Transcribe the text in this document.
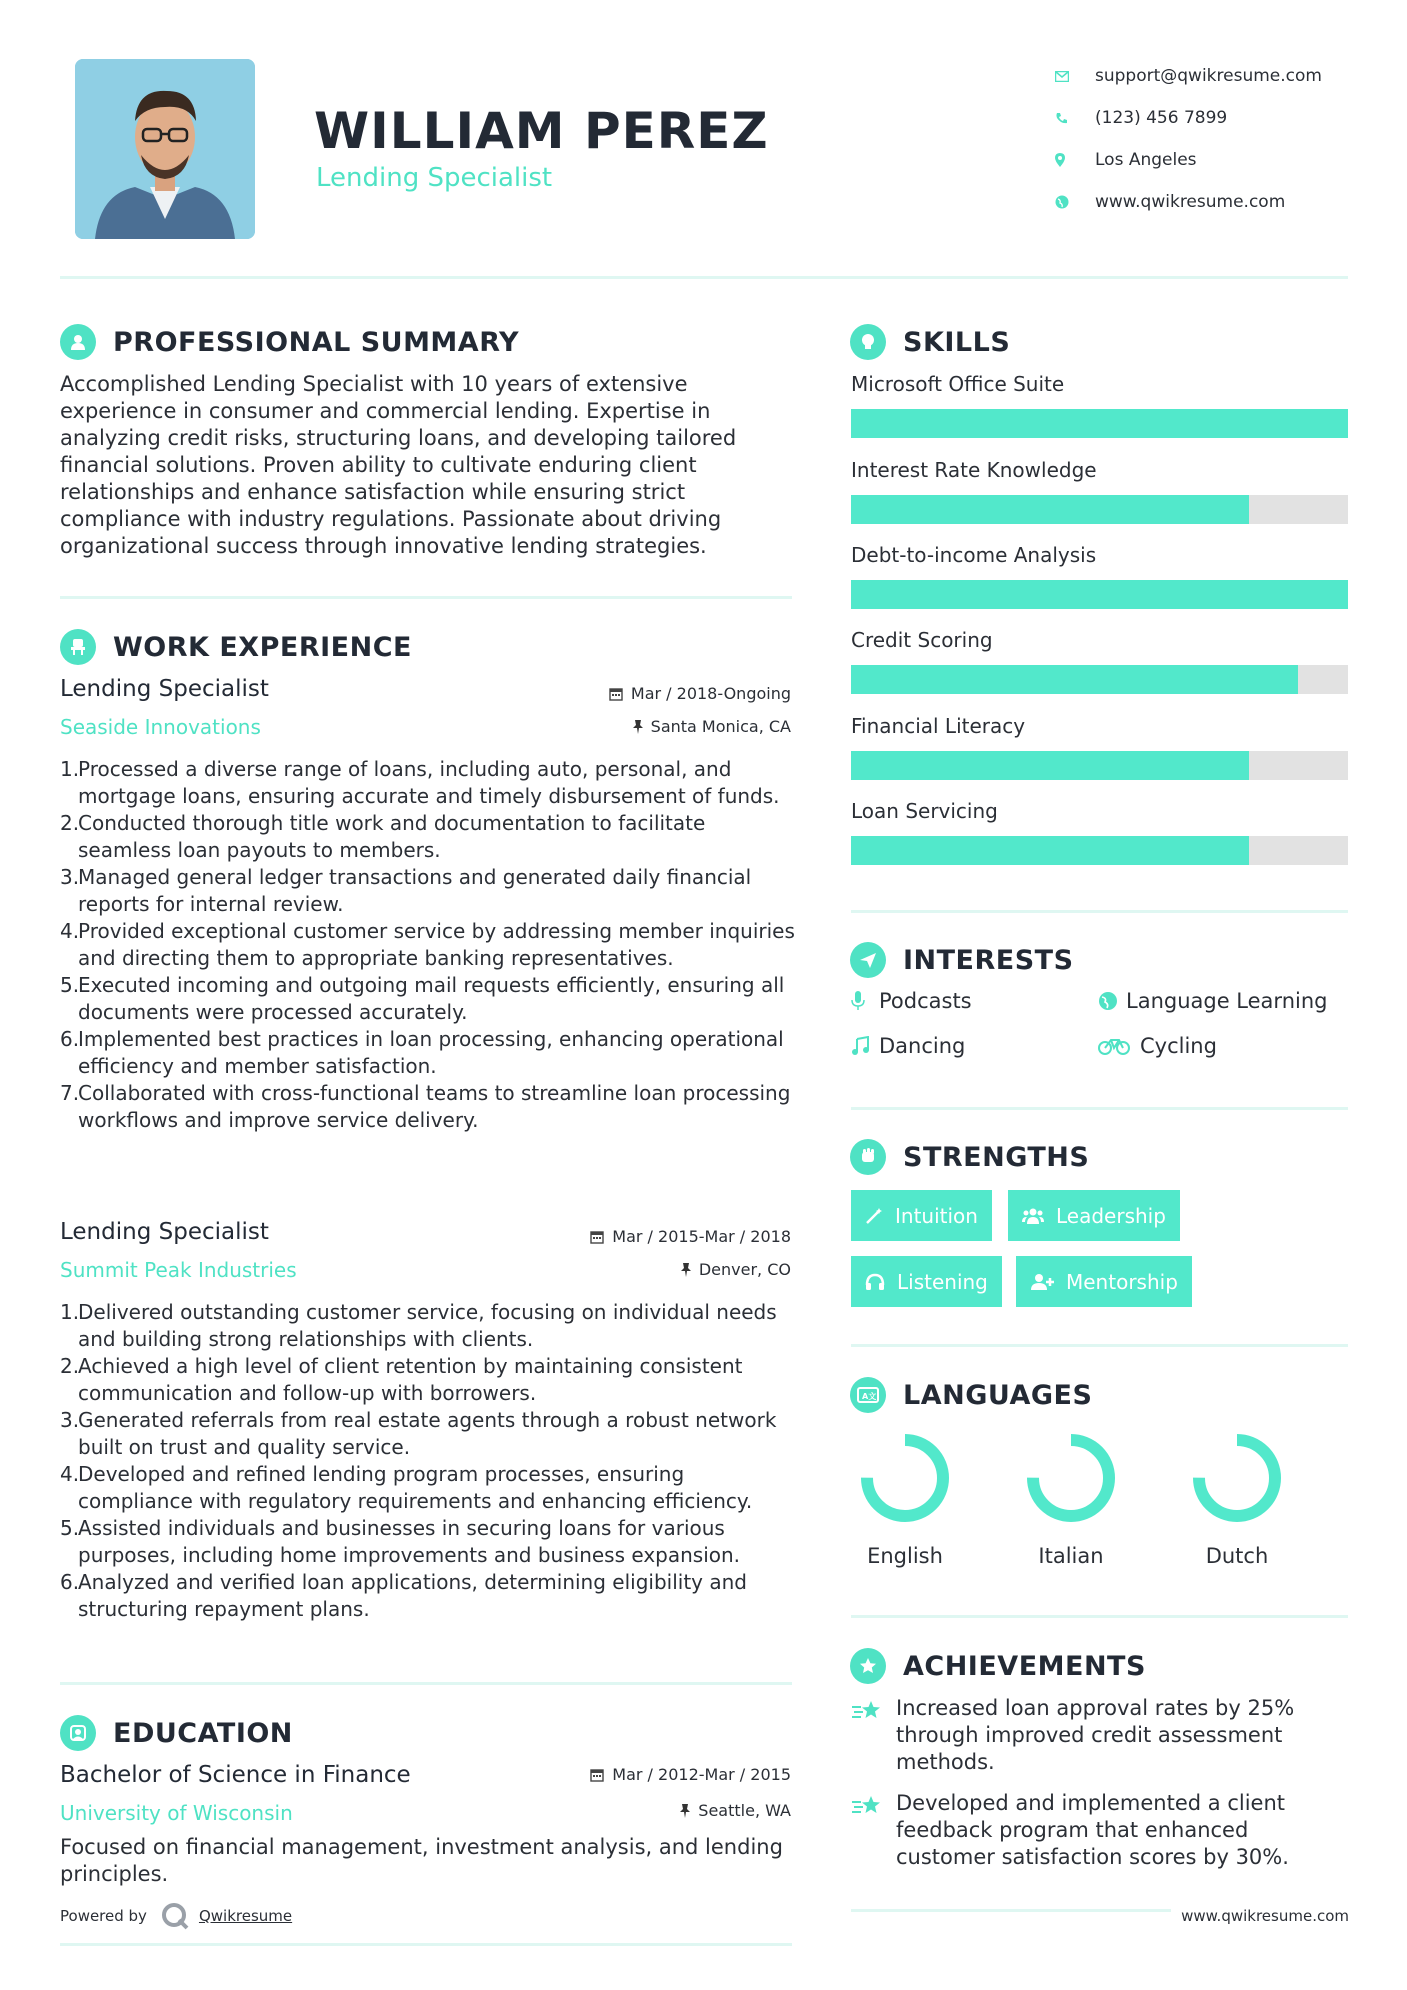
WILLIAM PEREZ
Lending Specialist
support@qwikresume.com
(123) 456 7899
Los Angeles
www.qwikresume.com
PROFESSIONAL SUMMARY
Accomplished Lending Specialist with 10 years of extensive experience in consumer and commercial lending. Expertise in analyzing credit risks, structuring loans, and developing tailored financial solutions. Proven ability to cultivate enduring client relationships and enhance satisfaction while ensuring strict compliance with industry regulations. Passionate about driving organizational success through innovative lending strategies.
WORK EXPERIENCE
Lending Specialist
Seaside Innovations
Mar / 2018-Ongoing
Santa Monica, CA
1.
Processed a diverse range of loans, including auto, personal, and mortgage loans, ensuring accurate and timely disbursement of funds.
2.
Conducted thorough title work and documentation to facilitate seamless loan payouts to members.
3.
Managed general ledger transactions and generated daily financial reports for internal review.
4.
Provided exceptional customer service by addressing member inquiries and directing them to appropriate banking representatives.
5.
Executed incoming and outgoing mail requests efficiently, ensuring all documents were processed accurately.
6.
Implemented best practices in loan processing, enhancing operational efficiency and member satisfaction.
7.
Collaborated with cross-functional teams to streamline loan processing workflows and improve service delivery.
Lending Specialist
Summit Peak Industries
Mar / 2015-Mar / 2018
Denver, CO
1.
Delivered outstanding customer service, focusing on individual needs and building strong relationships with clients.
2.
Achieved a high level of client retention by maintaining consistent communication and follow-up with borrowers.
3.
Generated referrals from real estate agents through a robust network built on trust and quality service.
4.
Developed and refined lending program processes, ensuring compliance with regulatory requirements and enhancing efficiency.
5.
Assisted individuals and businesses in securing loans for various purposes, including home improvements and business expansion.
6.
Analyzed and verified loan applications, determining eligibility and structuring repayment plans.
EDUCATION
Bachelor of Science in Finance
University of Wisconsin
Mar / 2012-Mar / 2015
Seattle, WA
Focused on financial management, investment analysis, and lending principles.
Powered by	Qwikresume
SKILLS
Microsoft Office Suite
Interest Rate Knowledge
Debt-to-income Analysis
Credit Scoring
Financial Literacy
Loan Servicing
INTERESTS
Podcasts	Language Learning
Dancing	Cycling
STRENGTHS
Intuition	Leadership
Listening	Mentorship
A文 LANGUAGES
English	Italian	Dutch
ACHIEVEMENTS
Increased loan approval rates by 25% through improved credit assessment methods.
Developed and implemented a client feedback program that enhanced customer satisfaction scores by 30%.
www.qwikresume.com
